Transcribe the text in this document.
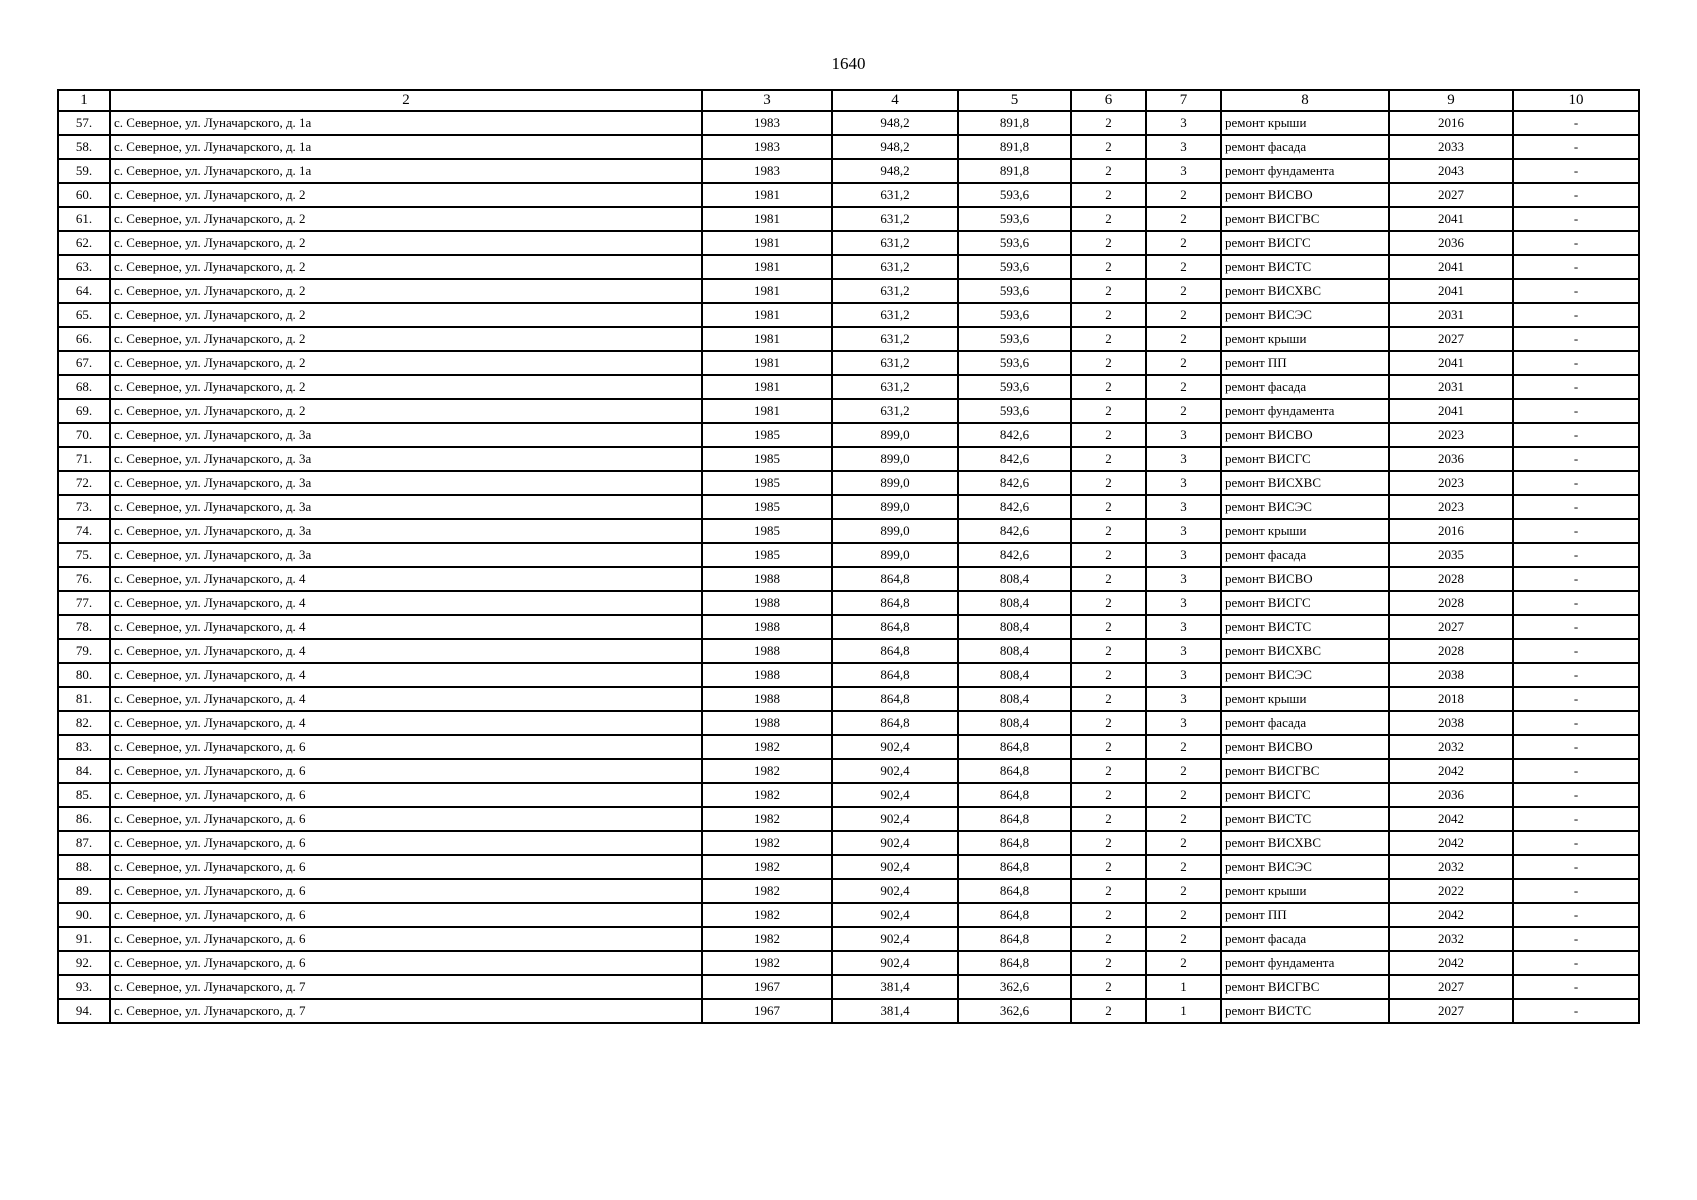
1640
1	2	3	4	5	6	7	8	9	10
57.	с. Северное, ул. Луначарского, д. 1а	1983	948,2	891,8	2	3	ремонт крыши	2016	-
58.	с. Северное, ул. Луначарского, д. 1а	1983	948,2	891,8	2	3	ремонт фасада	2033	-
59.	с. Северное, ул. Луначарского, д. 1а	1983	948,2	891,8	2	3	ремонт фундамента	2043	-
60.	с. Северное, ул. Луначарского, д. 2	1981	631,2	593,6	2	2	ремонт ВИСВО	2027	-
61.	с. Северное, ул. Луначарского, д. 2	1981	631,2	593,6	2	2	ремонт ВИСГВС	2041	-
62.	с. Северное, ул. Луначарского, д. 2	1981	631,2	593,6	2	2	ремонт ВИСГС	2036	-
63.	с. Северное, ул. Луначарского, д. 2	1981	631,2	593,6	2	2	ремонт ВИСТС	2041	-
64.	с. Северное, ул. Луначарского, д. 2	1981	631,2	593,6	2	2	ремонт ВИСХВС	2041	-
65.	с. Северное, ул. Луначарского, д. 2	1981	631,2	593,6	2	2	ремонт ВИСЭС	2031	-
66.	с. Северное, ул. Луначарского, д. 2	1981	631,2	593,6	2	2	ремонт крыши	2027	-
67.	с. Северное, ул. Луначарского, д. 2	1981	631,2	593,6	2	2	ремонт ПП	2041	-
68.	с. Северное, ул. Луначарского, д. 2	1981	631,2	593,6	2	2	ремонт фасада	2031	-
69.	с. Северное, ул. Луначарского, д. 2	1981	631,2	593,6	2	2	ремонт фундамента	2041	-
70.	с. Северное, ул. Луначарского, д. 3а	1985	899,0	842,6	2	3	ремонт ВИСВО	2023	-
71.	с. Северное, ул. Луначарского, д. 3а	1985	899,0	842,6	2	3	ремонт ВИСГС	2036	-
72.	с. Северное, ул. Луначарского, д. 3а	1985	899,0	842,6	2	3	ремонт ВИСХВС	2023	-
73.	с. Северное, ул. Луначарского, д. 3а	1985	899,0	842,6	2	3	ремонт ВИСЭС	2023	-
74.	с. Северное, ул. Луначарского, д. 3а	1985	899,0	842,6	2	3	ремонт крыши	2016	-
75.	с. Северное, ул. Луначарского, д. 3а	1985	899,0	842,6	2	3	ремонт фасада	2035	-
76.	с. Северное, ул. Луначарского, д. 4	1988	864,8	808,4	2	3	ремонт ВИСВО	2028	-
77.	с. Северное, ул. Луначарского, д. 4	1988	864,8	808,4	2	3	ремонт ВИСГС	2028	-
78.	с. Северное, ул. Луначарского, д. 4	1988	864,8	808,4	2	3	ремонт ВИСТС	2027	-
79.	с. Северное, ул. Луначарского, д. 4	1988	864,8	808,4	2	3	ремонт ВИСХВС	2028	-
80.	с. Северное, ул. Луначарского, д. 4	1988	864,8	808,4	2	3	ремонт ВИСЭС	2038	-
81.	с. Северное, ул. Луначарского, д. 4	1988	864,8	808,4	2	3	ремонт крыши	2018	-
82.	с. Северное, ул. Луначарского, д. 4	1988	864,8	808,4	2	3	ремонт фасада	2038	-
83.	с. Северное, ул. Луначарского, д. 6	1982	902,4	864,8	2	2	ремонт ВИСВО	2032	-
84.	с. Северное, ул. Луначарского, д. 6	1982	902,4	864,8	2	2	ремонт ВИСГВС	2042	-
85.	с. Северное, ул. Луначарского, д. 6	1982	902,4	864,8	2	2	ремонт ВИСГС	2036	-
86.	с. Северное, ул. Луначарского, д. 6	1982	902,4	864,8	2	2	ремонт ВИСТС	2042	-
87.	с. Северное, ул. Луначарского, д. 6	1982	902,4	864,8	2	2	ремонт ВИСХВС	2042	-
88.	с. Северное, ул. Луначарского, д. 6	1982	902,4	864,8	2	2	ремонт ВИСЭС	2032	-
89.	с. Северное, ул. Луначарского, д. 6	1982	902,4	864,8	2	2	ремонт крыши	2022	-
90.	с. Северное, ул. Луначарского, д. 6	1982	902,4	864,8	2	2	ремонт ПП	2042	-
91.	с. Северное, ул. Луначарского, д. 6	1982	902,4	864,8	2	2	ремонт фасада	2032	-
92.	с. Северное, ул. Луначарского, д. 6	1982	902,4	864,8	2	2	ремонт фундамента	2042	-
93.	с. Северное, ул. Луначарского, д. 7	1967	381,4	362,6	2	1	ремонт ВИСГВС	2027	-
94.	с. Северное, ул. Луначарского, д. 7	1967	381,4	362,6	2	1	ремонт ВИСТС	2027	-
